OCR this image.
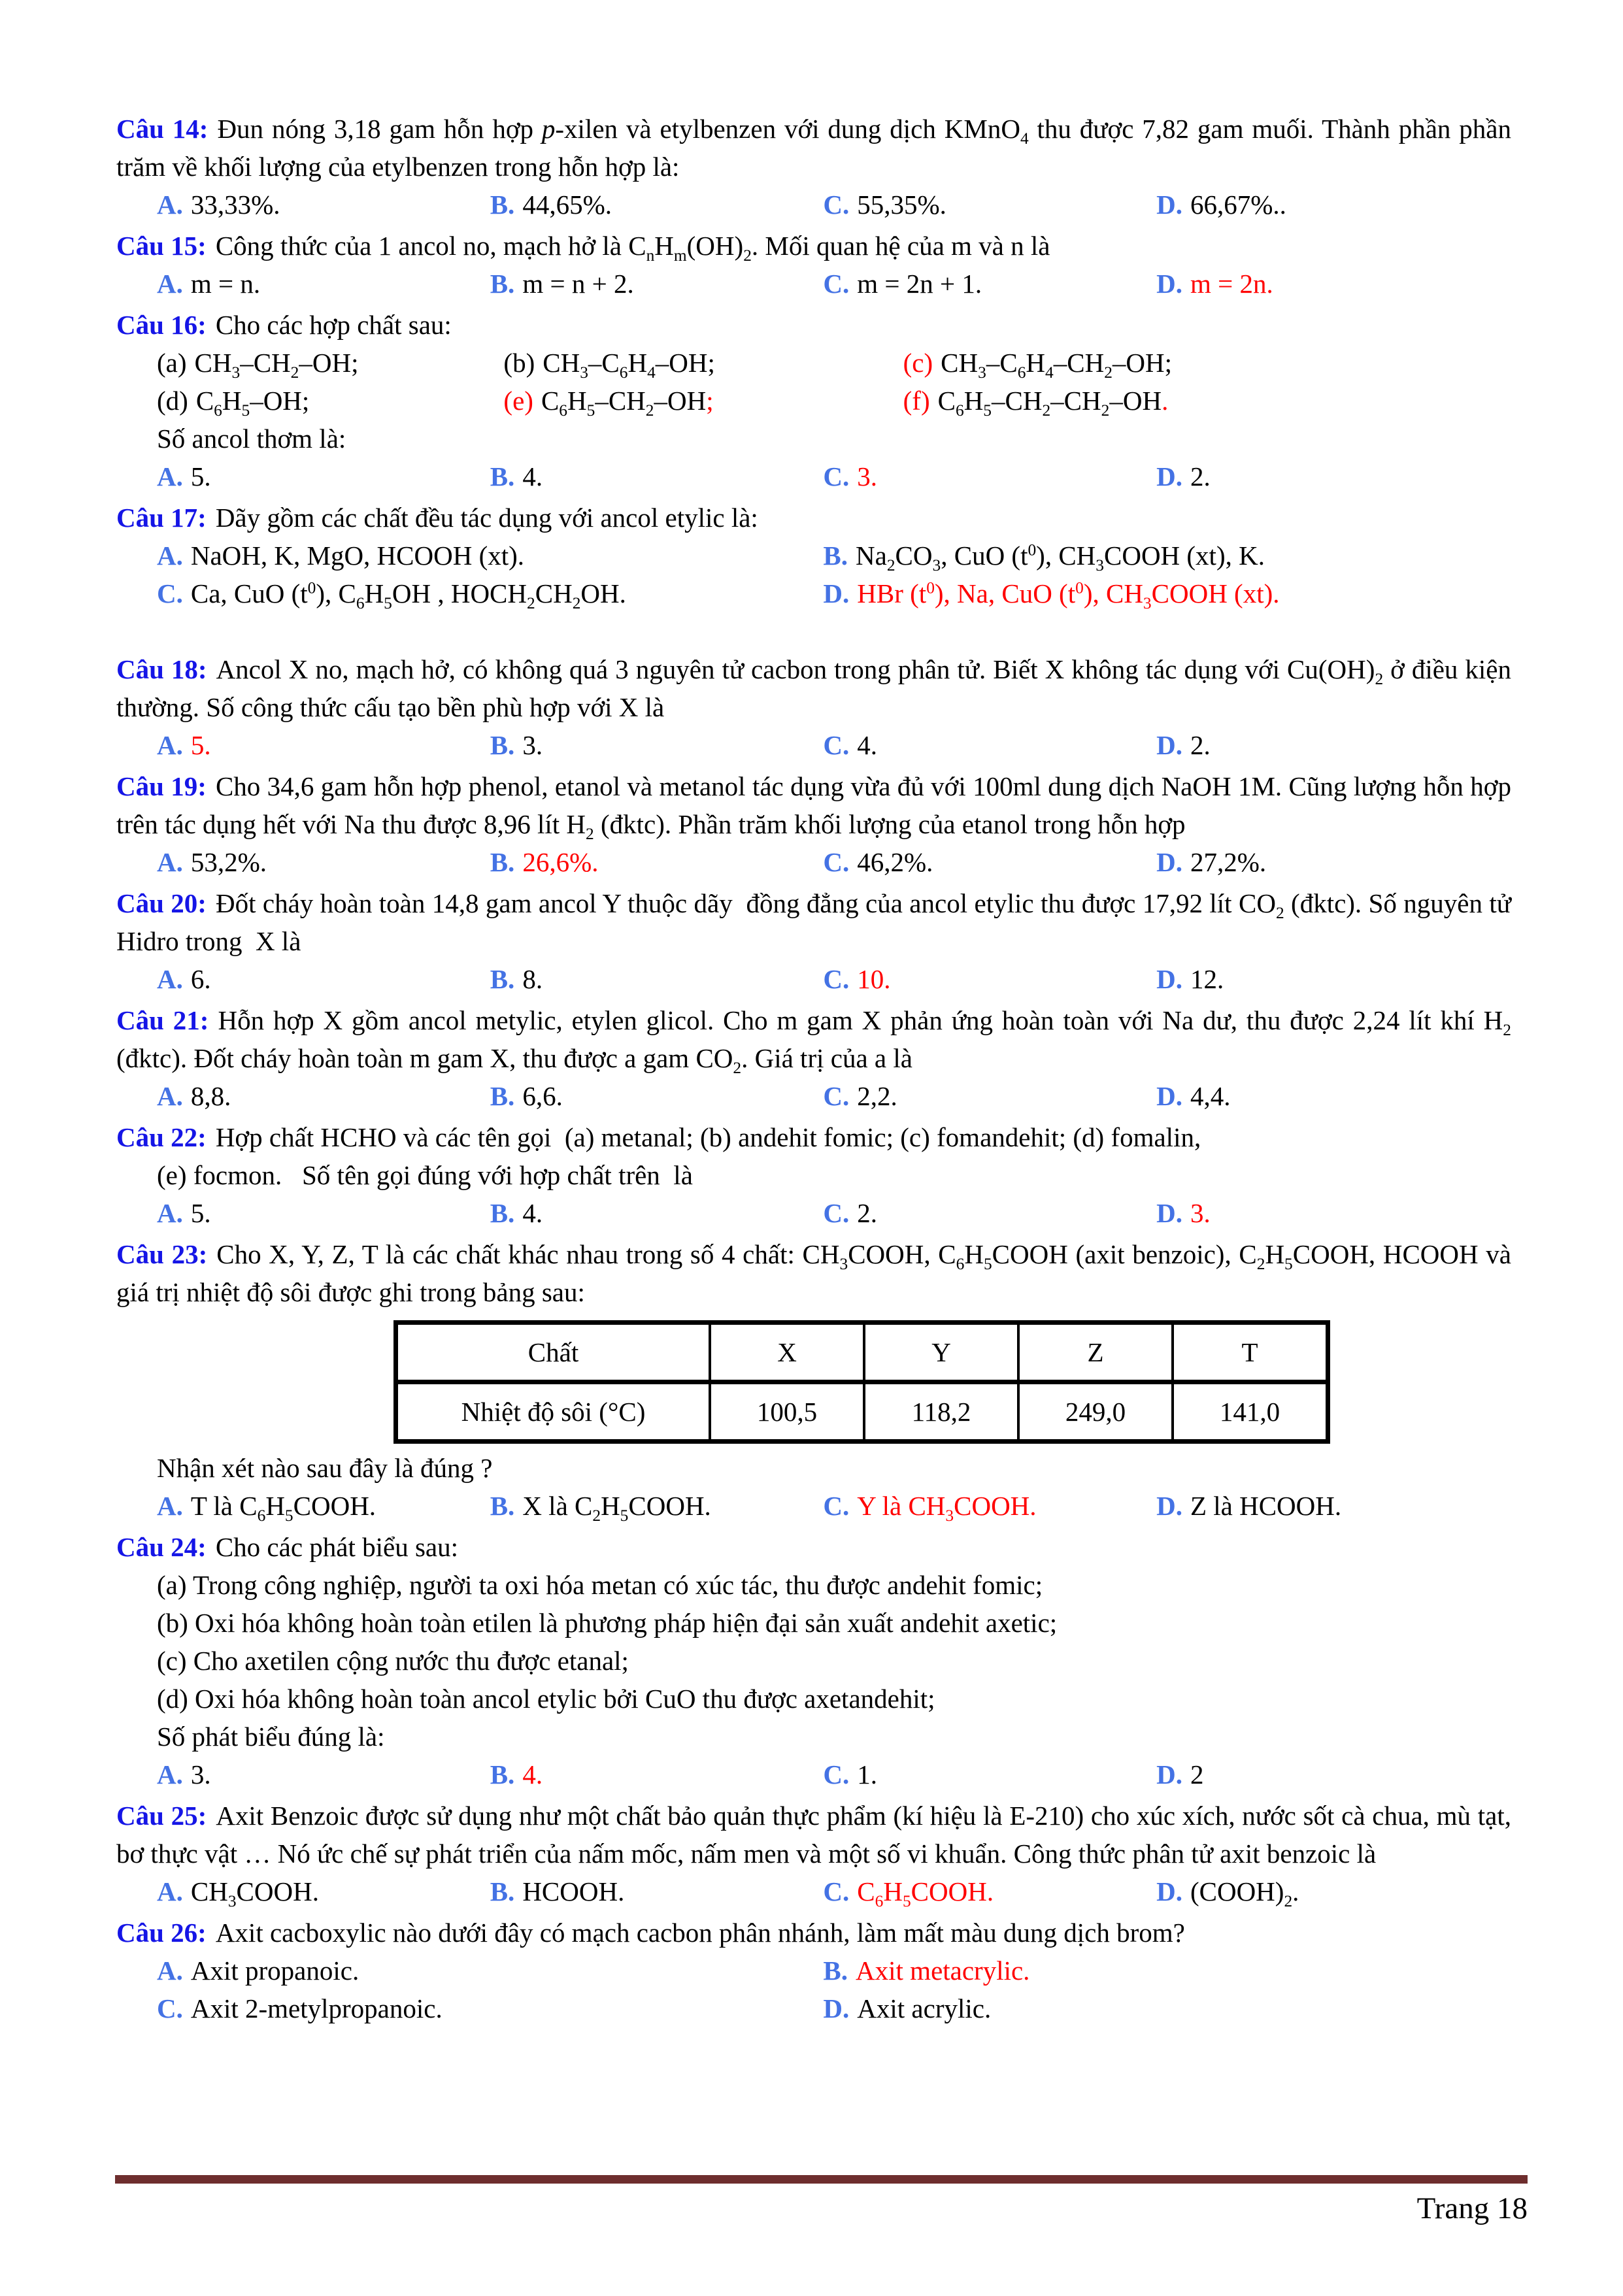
Câu 14: Đun nóng 3,18 gam hỗn hợp p-xilen và etylbenzen với dung dịch KMnO$_4$ thu được 7,82 gam muối. Thành phần phần trăm về khối lượng của etylbenzen trong hỗn hợp là:

A. 33,33%.	B. 44,65%.	C. 55,35%.	D. 66,67%..

Câu 15: Công thức của 1 ancol no, mạch hở là $C_nH_m(OH)_2$. Mối quan hệ của m và n là

A. m = n.	B. m = n + 2.	C. m = 2n + 1.	D. m = 2n.

Câu 16: Cho các hợp chất sau:

(a) $CH_3-CH_2-OH$;	(b) $CH_3-C_6H_4-OH$;	(c) $CH_3-C_6H_4-CH_2-OH$;
(d) $C_6H_5-OH$;	(e) $C_6H_5-CH_2-OH$;	(f) $C_6H_5-CH_2-CH_2-OH$.

Số ancol thơm là:

A. 5.	B. 4.	C. 3.	D. 2.

Câu 17: Dãy gồm các chất đều tác dụng với ancol etylic là:

A. NaOH, K, MgO, HCOOH (xt).	B. $Na_2CO_3$, CuO $(t^0)$, $CH_3COOH$ (xt), K.
C. Ca, CuO $(t^0)$, $C_6H_5OH$ , $HOCH_2CH_2OH$.	D. HBr $(t^0)$, Na, CuO $(t^0)$, $CH_3COOH$ (xt).

Câu 18: Ancol X no, mạch hở, có không quá 3 nguyên tử cacbon trong phân tử. Biết X không tác dụng với $Cu(OH)_2$ ở điều kiện thường. Số công thức cấu tạo bền phù hợp với X là

A. 5.	B. 3.	C. 4.	D. 2.

Câu 19: Cho 34,6 gam hỗn hợp phenol, etanol và metanol tác dụng vừa đủ với 100ml dung dịch NaOH 1M. Cũng lượng hỗn hợp trên tác dụng hết với Na thu được 8,96 lít $H_2$ (đktc). Phần trăm khối lượng của etanol trong hỗn hợp

A. 53,2%.	B. 26,6%.	C. 46,2%.	D. 27,2%.

Câu 20: Đốt cháy hoàn toàn 14,8 gam ancol Y thuộc dãy  đồng đẳng của ancol etylic thu được 17,92 lít $CO_2$ (đktc). Số nguyên tử Hidro trong  X là

A. 6.	B. 8.	C. 10.	D. 12.

Câu 21: Hỗn hợp X gồm ancol metylic, etylen glicol. Cho m gam X phản ứng hoàn toàn với Na dư, thu được 2,24 lít khí $H_2$ (đktc). Đốt cháy hoàn toàn m gam X, thu được a gam $CO_2$. Giá trị của a là

A. 8,8.	B. 6,6.	C. 2,2.	D. 4,4.

Câu 22: Hợp chất HCHO và các tên gọi  (a) metanal; (b) andehit fomic; (c) fomandehit; (d) fomalin,

(e) focmon.   Số tên gọi đúng với hợp chất trên  là

A. 5.	B. 4.	C. 2.	D. 3.

Câu 23: Cho X, Y, Z, T là các chất khác nhau trong số 4 chất: $CH_3COOH$, $C_6H_5COOH$ (axit benzoic), $C_2H_5COOH$, HCOOH và giá trị nhiệt độ sôi được ghi trong bảng sau:

Chất	X	Y	Z	T
Nhiệt độ sôi (°C)	100,5	118,2	249,0	141,0

Nhận xét nào sau đây là đúng ?

A. T là $C_6H_5COOH$.	B. X là $C_2H_5COOH$.	C. Y là $CH_3COOH$.	D. Z là HCOOH.

Câu 24: Cho các phát biểu sau:

(a) Trong công nghiệp, người ta oxi hóa metan có xúc tác, thu được andehit fomic;

(b) Oxi hóa không hoàn toàn etilen là phương pháp hiện đại sản xuất andehit axetic;

(c) Cho axetilen cộng nước thu được etanal;

(d) Oxi hóa không hoàn toàn ancol etylic bởi CuO thu được axetandehit;

Số phát biểu đúng là:

A. 3.	B. 4.	C. 1.	D. 2

Câu 25: Axit Benzoic được sử dụng như một chất bảo quản thực phẩm (kí hiệu là E-210) cho xúc xích, nước sốt cà chua, mù tạt, bơ thực vật … Nó ức chế sự phát triển của nấm mốc, nấm men và một số vi khuẩn. Công thức phân tử axit benzoic là

A. $CH_3COOH$.	B. HCOOH.	C. $C_6H_5COOH$.	D. $(COOH)_2$.

Câu 26: Axit cacboxylic nào dưới đây có mạch cacbon phân nhánh, làm mất màu dung dịch brom?

A. Axit propanoic.	B. Axit metacrylic.
C. Axit 2-metylpropanoic.	D. Axit acrylic.
Trang 18
